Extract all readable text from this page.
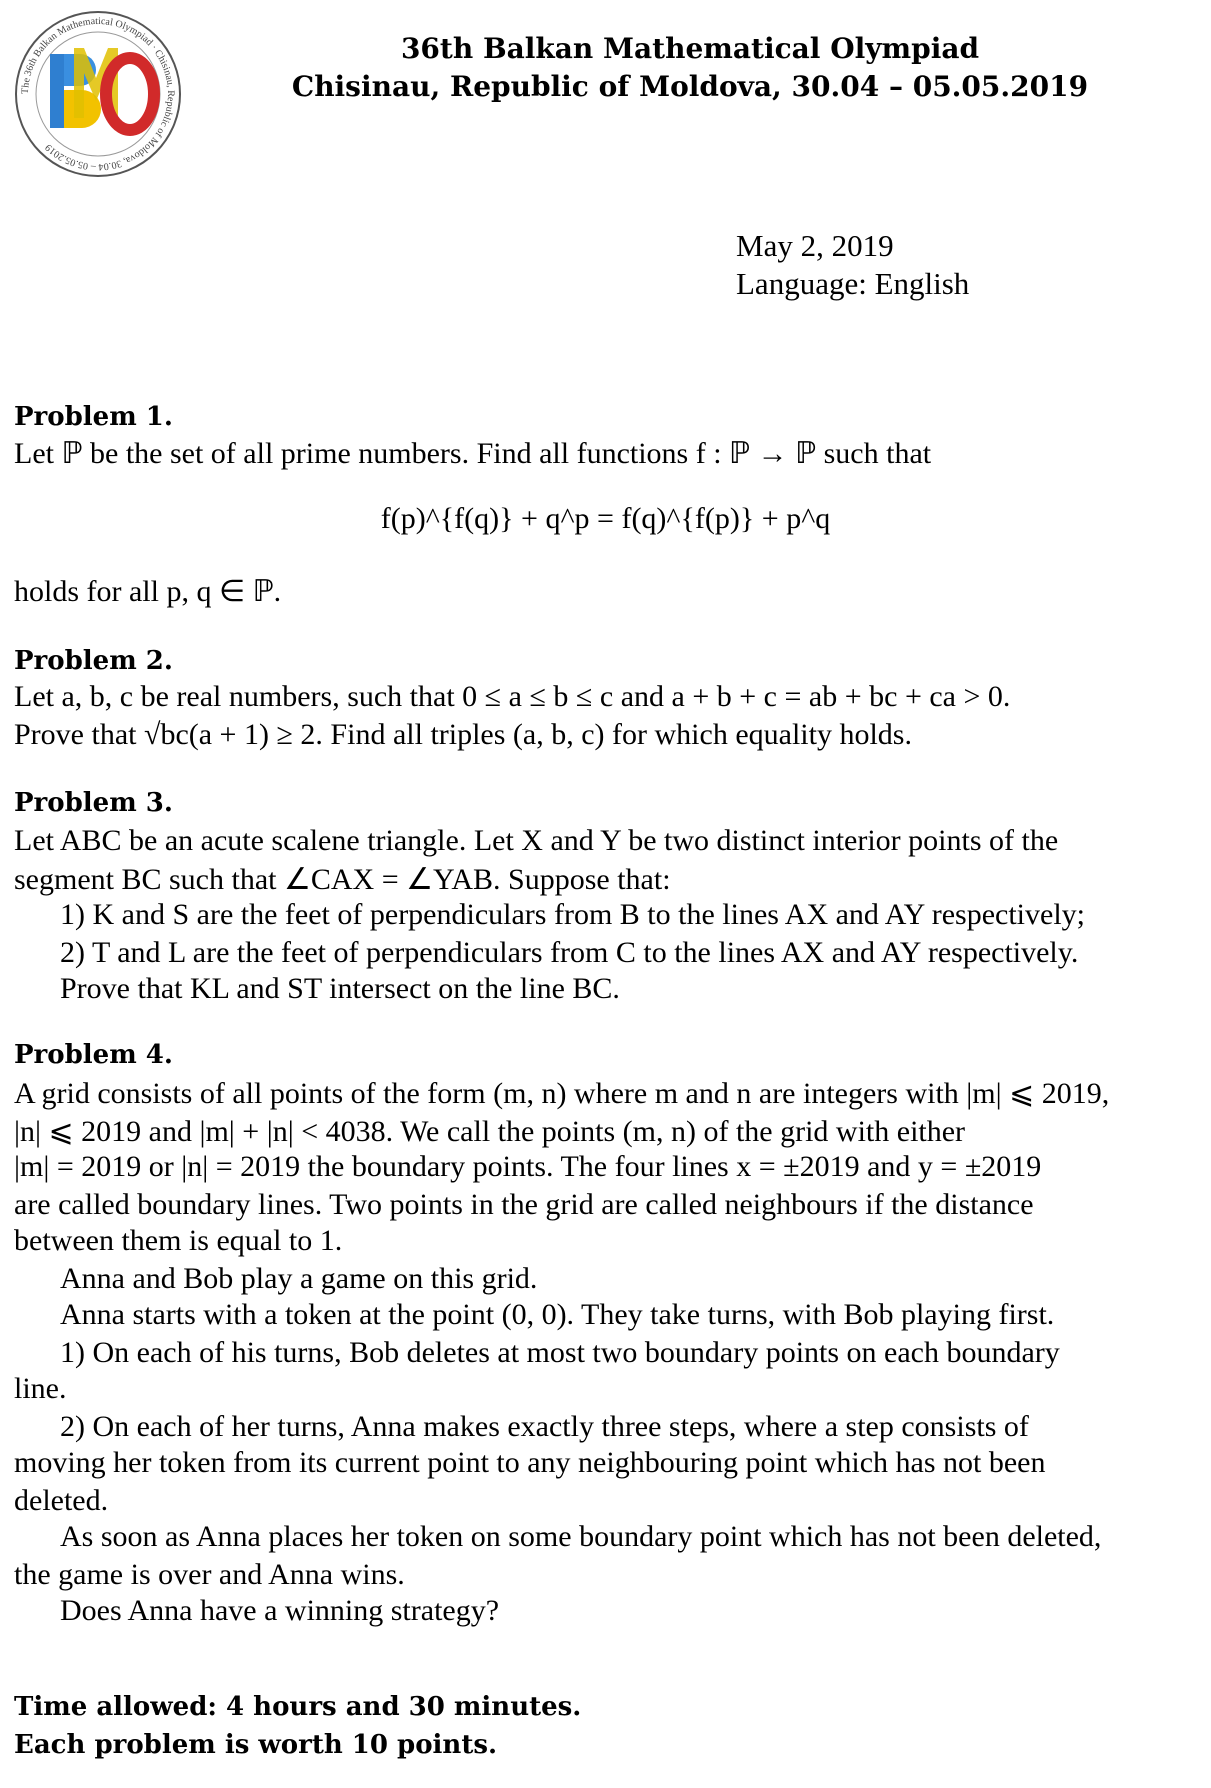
The 36th Balkan Mathematical Olympiad · Chisinau, Republic of Moldova, 30.04 – 05.05.2019
36th Balkan Mathematical Olympiad
Chisinau, Republic of Moldova, 30.04 – 05.05.2019
May 2, 2019
Language: English
Problem 1.
Let ℙ be the set of all prime numbers. Find all functions f : ℙ → ℙ such that
f(p)^{f(q)} + q^p = f(q)^{f(p)} + p^q
holds for all p, q ∈ ℙ.
Problem 2.
Let a, b, c be real numbers, such that 0 ≤ a ≤ b ≤ c and a + b + c = ab + bc + ca > 0.
Prove that √bc(a + 1) ≥ 2. Find all triples (a, b, c) for which equality holds.
Problem 3.
Let ABC be an acute scalene triangle. Let X and Y be two distinct interior points of the
segment BC such that ∠CAX = ∠YAB. Suppose that:
1) K and S are the feet of perpendiculars from B to the lines AX and AY respectively;
2) T and L are the feet of perpendiculars from C to the lines AX and AY respectively.
Prove that KL and ST intersect on the line BC.
Problem 4.
A grid consists of all points of the form (m, n) where m and n are integers with |m| ⩽ 2019,
|n| ⩽ 2019 and |m| + |n| < 4038. We call the points (m, n) of the grid with either
|m| = 2019 or |n| = 2019 the boundary points. The four lines x = ±2019 and y = ±2019
are called boundary lines. Two points in the grid are called neighbours if the distance
between them is equal to 1.
Anna and Bob play a game on this grid.
Anna starts with a token at the point (0, 0). They take turns, with Bob playing first.
1) On each of his turns, Bob deletes at most two boundary points on each boundary
line.
2) On each of her turns, Anna makes exactly three steps, where a step consists of
moving her token from its current point to any neighbouring point which has not been
deleted.
As soon as Anna places her token on some boundary point which has not been deleted,
the game is over and Anna wins.
Does Anna have a winning strategy?
Time allowed: 4 hours and 30 minutes.
Each problem is worth 10 points.
